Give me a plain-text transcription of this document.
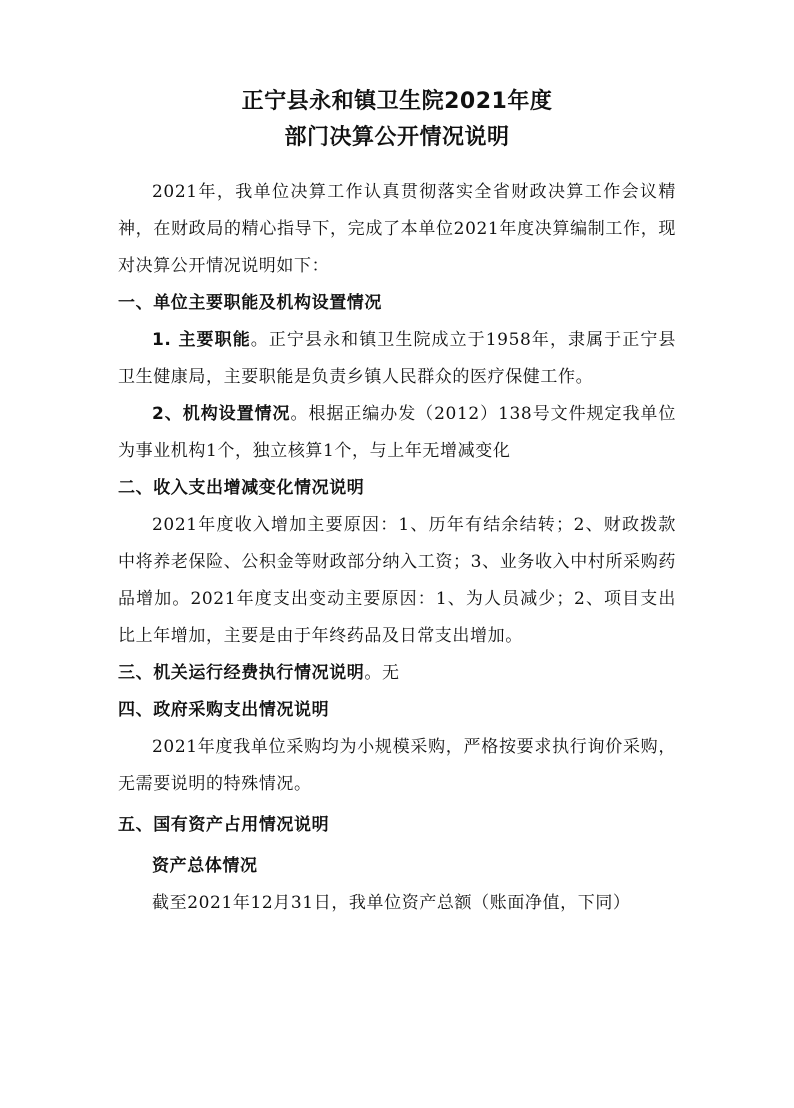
正宁县永和镇卫生院2021年度
部门决算公开情况说明

2021年，我单位决算工作认真贯彻落实全省财政决算工作会议精神，在财政局的精心指导下，完成了本单位2021年度决算编制工作，现对决算公开情况说明如下：

一、单位主要职能及机构设置情况

1. 主要职能。正宁县永和镇卫生院成立于1958年，隶属于正宁县卫生健康局，主要职能是负责乡镇人民群众的医疗保健工作。

2、机构设置情况。根据正编办发（2012）138号文件规定我单位为事业机构1个，独立核算1个，与上年无增减变化

二、收入支出增减变化情况说明

2021年度收入增加主要原因：1、历年有结余结转；2、财政拨款中将养老保险、公积金等财政部分纳入工资；3、业务收入中村所采购药品增加。2021年度支出变动主要原因：1、为人员减少；2、项目支出比上年增加，主要是由于年终药品及日常支出增加。

三、机关运行经费执行情况说明。无

四、政府采购支出情况说明

2021年度我单位采购均为小规模采购，严格按要求执行询价采购，无需要说明的特殊情况。

五、国有资产占用情况说明

资产总体情况

截至2021年12月31日，我单位资产总额（账面净值，下同）
